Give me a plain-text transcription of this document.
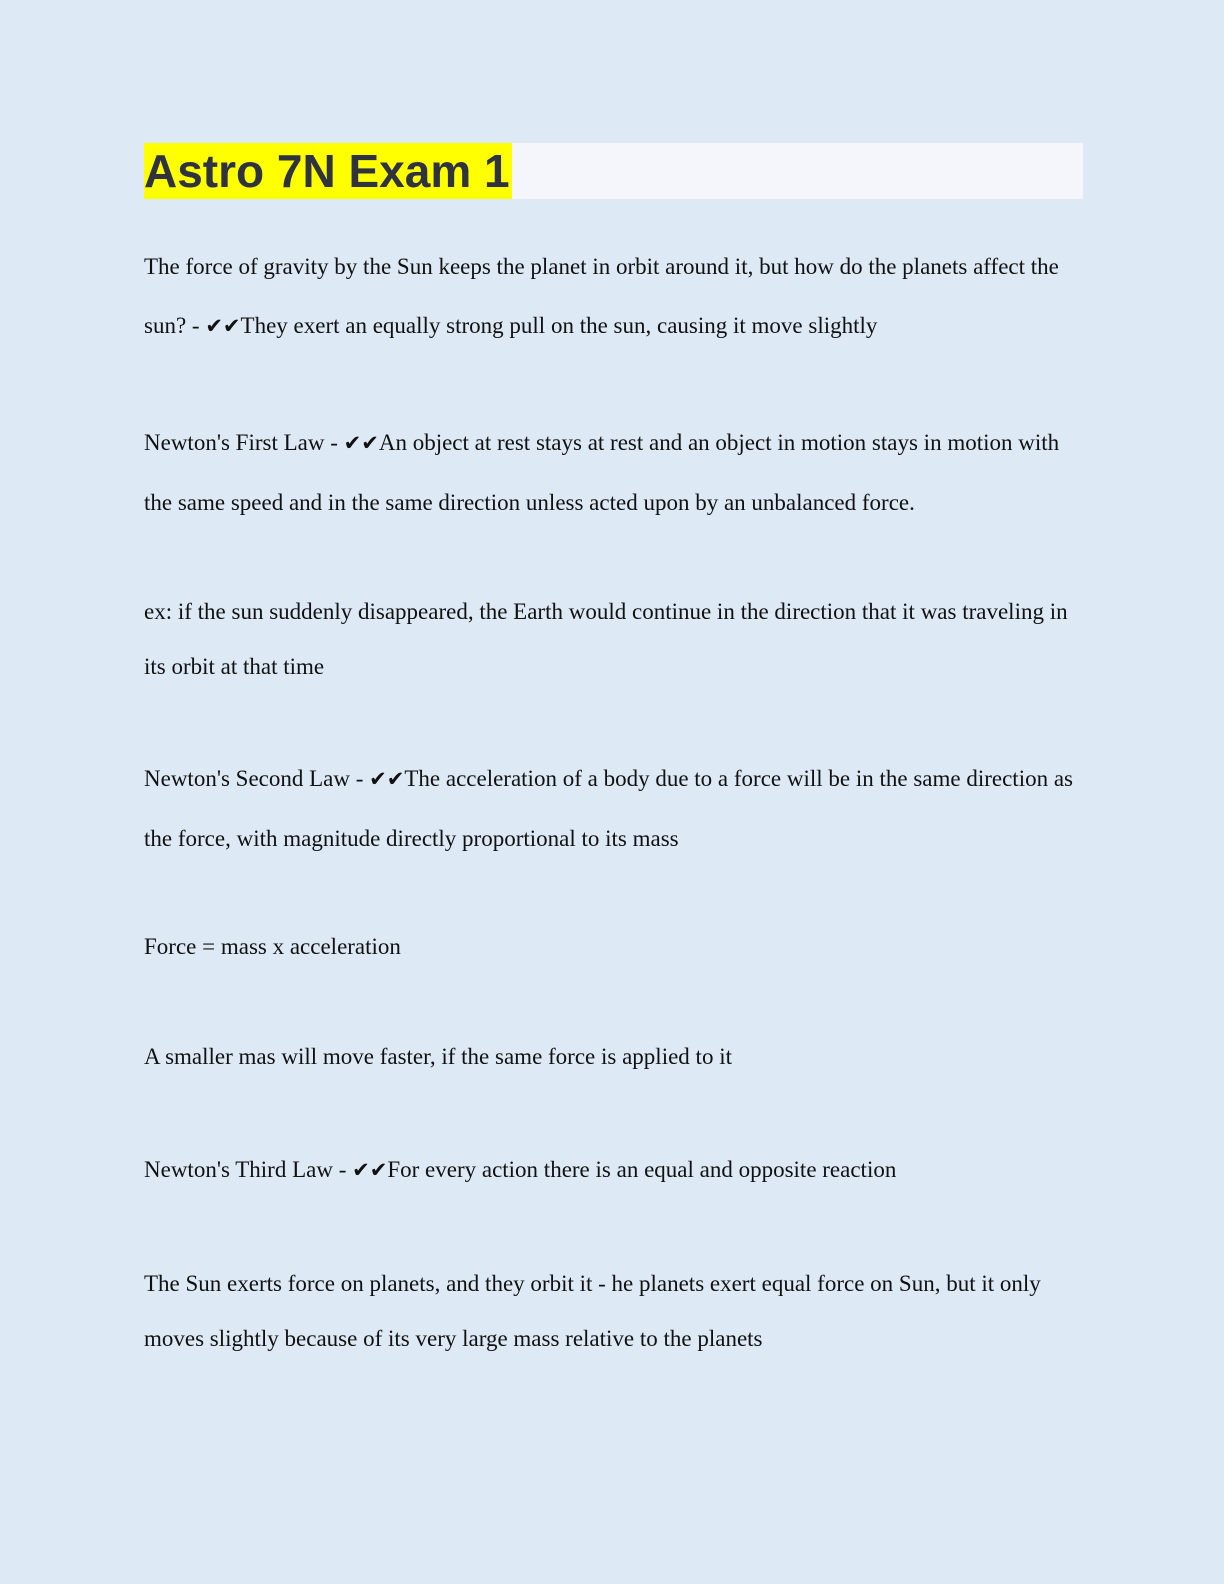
Astro 7N Exam 1

The force of gravity by the Sun keeps the planet in orbit around it, but how do the planets affect the sun? - ✔✔They exert an equally strong pull on the sun, causing it move slightly

Newton's First Law - ✔✔An object at rest stays at rest and an object in motion stays in motion with the same speed and in the same direction unless acted upon by an unbalanced force.

ex: if the sun suddenly disappeared, the Earth would continue in the direction that it was traveling in its orbit at that time

Newton's Second Law - ✔✔The acceleration of a body due to a force will be in the same direction as the force, with magnitude directly proportional to its mass

Force = mass x acceleration

A smaller mas will move faster, if the same force is applied to it

Newton's Third Law - ✔✔For every action there is an equal and opposite reaction

The Sun exerts force on planets, and they orbit it - he planets exert equal force on Sun, but it only moves slightly because of its very large mass relative to the planets
